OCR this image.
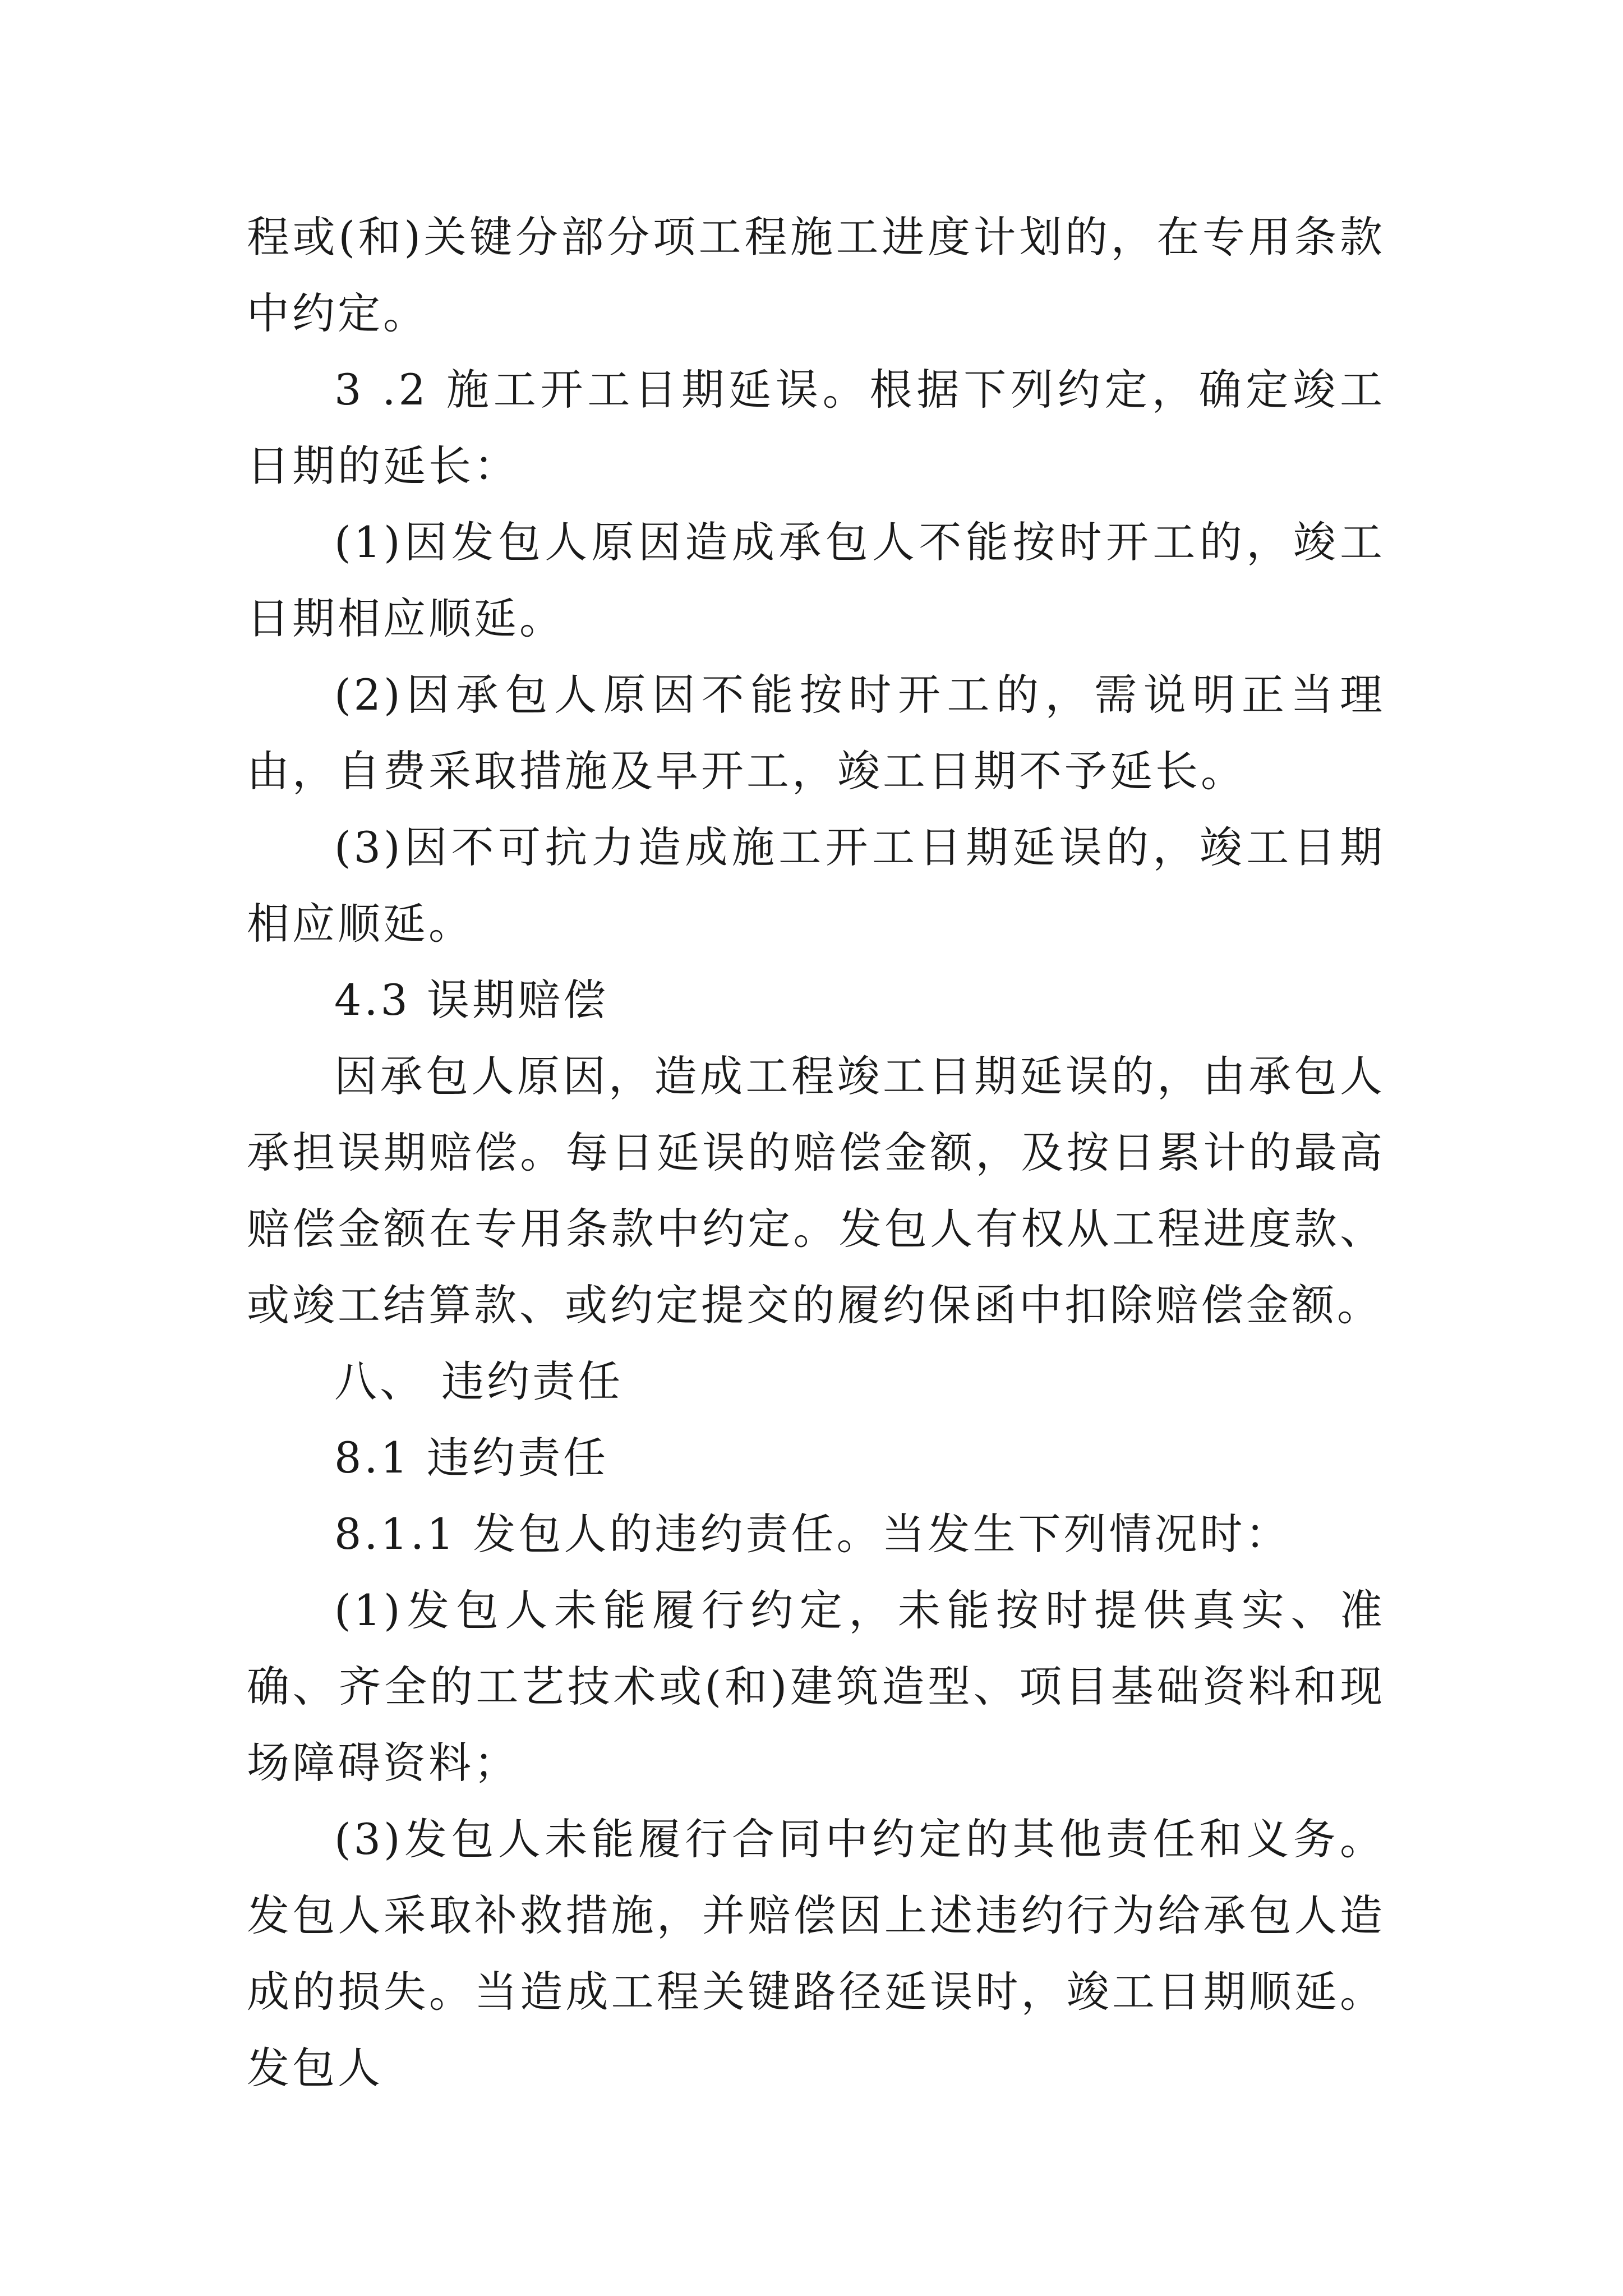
程或(和)关键分部分项工程施工进度计划的，在专用条款中约定。

3 .2 施工开工日期延误。根据下列约定，确定竣工日期的延长：

(1)因发包人原因造成承包人不能按时开工的，竣工日期相应顺延。

(2)因承包人原因不能按时开工的，需说明正当理由，自费采取措施及早开工，竣工日期不予延长。

(3)因不可抗力造成施工开工日期延误的，竣工日期相应顺延。

4.3 误期赔偿

因承包人原因，造成工程竣工日期延误的，由承包人承担误期赔偿。每日延误的赔偿金额，及按日累计的最高赔偿金额在专用条款中约定。发包人有权从工程进度款、或竣工结算款、或约定提交的履约保函中扣除赔偿金额。

八、 违约责任

8.1 违约责任

8.1.1 发包人的违约责任。当发生下列情况时：

(1)发包人未能履行约定，未能按时提供真实、准确、齐全的工艺技术或(和)建筑造型、项目基础资料和现场障碍资料；

(3)发包人未能履行合同中约定的其他责任和义务。发包人采取补救措施，并赔偿因上述违约行为给承包人造成的损失。当造成工程关键路径延误时，竣工日期顺延。发包人
